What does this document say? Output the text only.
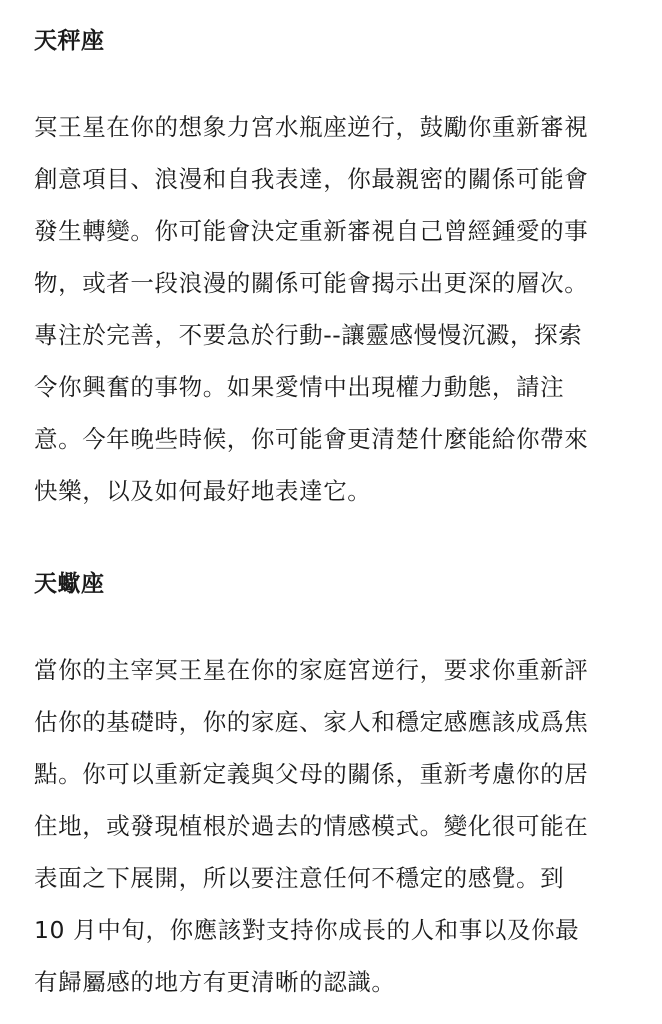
天秤座
冥王星在你的想象力宮水瓶座逆行，鼓勵你重新審視
創意項目、浪漫和自我表達，你最親密的關係可能會
發生轉變。你可能會決定重新審視自己曾經鍾愛的事
物，或者一段浪漫的關係可能會揭示出更深的層次。
專注於完善，不要急於行動--讓靈感慢慢沉澱，探索
令你興奮的事物。如果愛情中出現權力動態，請注
意。今年晚些時候，你可能會更清楚什麼能給你帶來
快樂，以及如何最好地表達它。
天蠍座
當你的主宰冥王星在你的家庭宮逆行，要求你重新評
估你的基礎時，你的家庭、家人和穩定感應該成爲焦
點。你可以重新定義與父母的關係，重新考慮你的居
住地，或發現植根於過去的情感模式。變化很可能在
表面之下展開，所以要注意任何不穩定的感覺。到
10 月中旬，你應該對支持你成長的人和事以及你最
有歸屬感的地方有更清晰的認識。
